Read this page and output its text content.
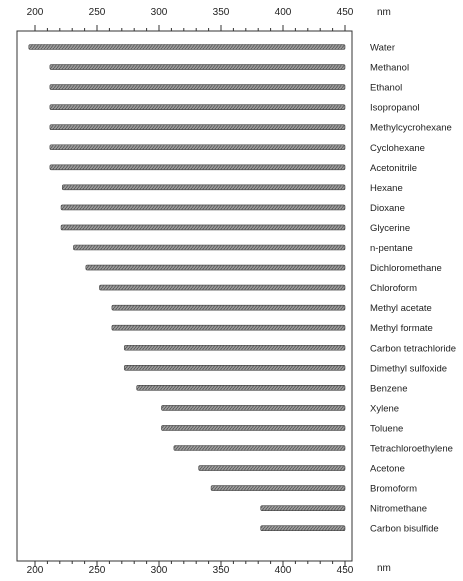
200	250	300	350	400	450
200	250	300	350	400	450
nm
nm
Water
Methanol
Ethanol
Isopropanol
Methylcycrohexane
Cyclohexane
Acetonitrile
Hexane
Dioxane
Glycerine
n-pentane
Dichloromethane
Chloroform
Methyl acetate
Methyl formate
Carbon tetrachloride
Dimethyl sulfoxide
Benzene
Xylene
Toluene
Tetrachloroethylene
Acetone
Bromoform
Nitromethane
Carbon bisulfide
